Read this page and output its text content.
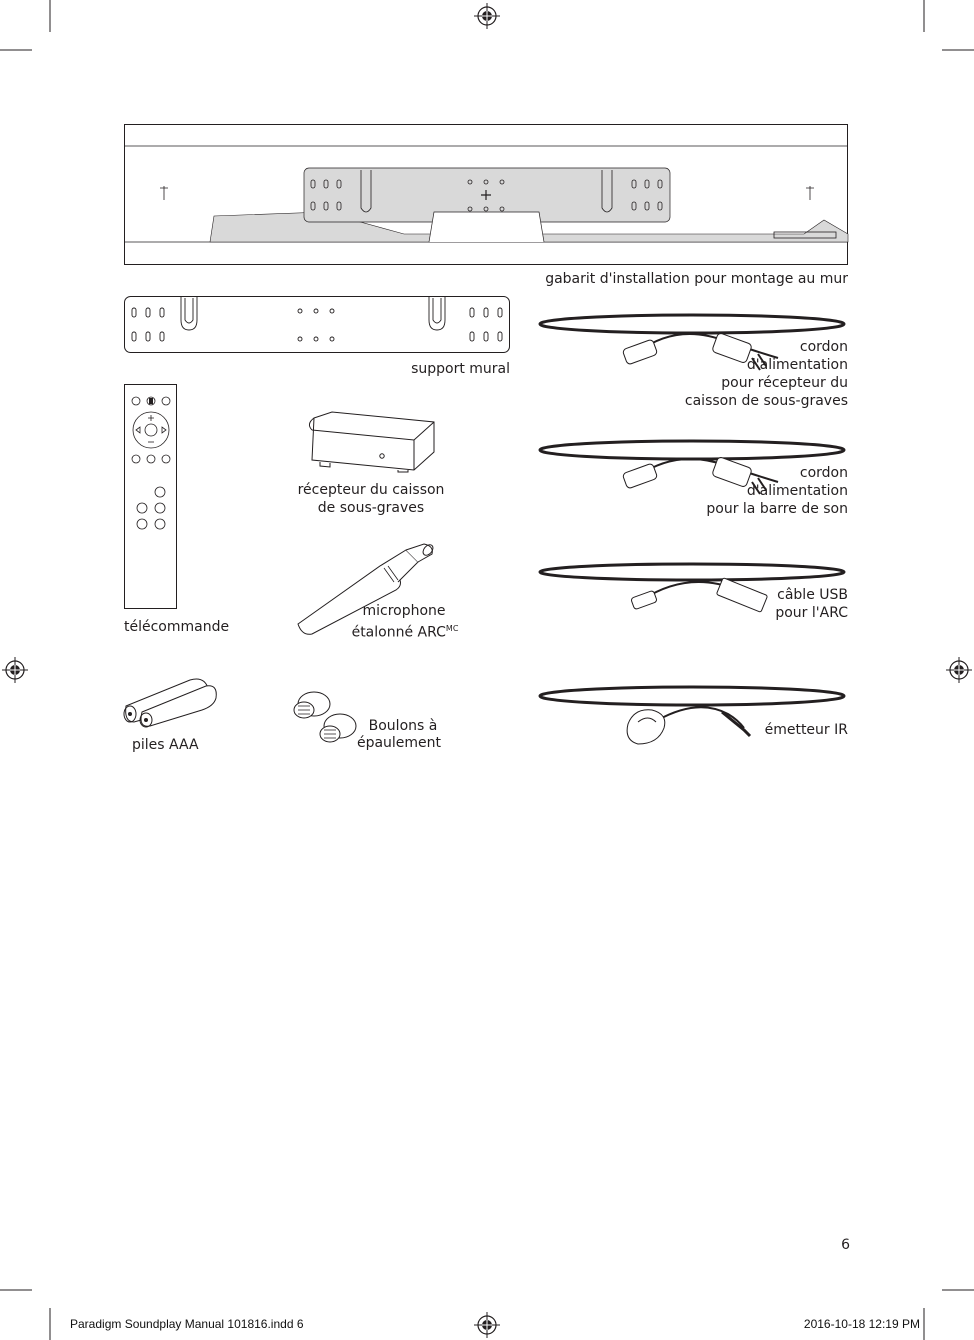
gabarit d'installation pour montage au mur
support mural
télécommande
récepteur du caisson
de sous-graves
microphone
étalonné $ARC^{MC}$
cordon
d'alimentation
pour récepteur du
caisson de sous-graves
cordon
d'alimentation
pour la barre de son
câble USB
pour l'ARC
piles AAA
Boulons à
épaulement
émetteur IR
6
Paradigm Soundplay Manual 101816.indd 6	2016-10-18 12:19 PM
